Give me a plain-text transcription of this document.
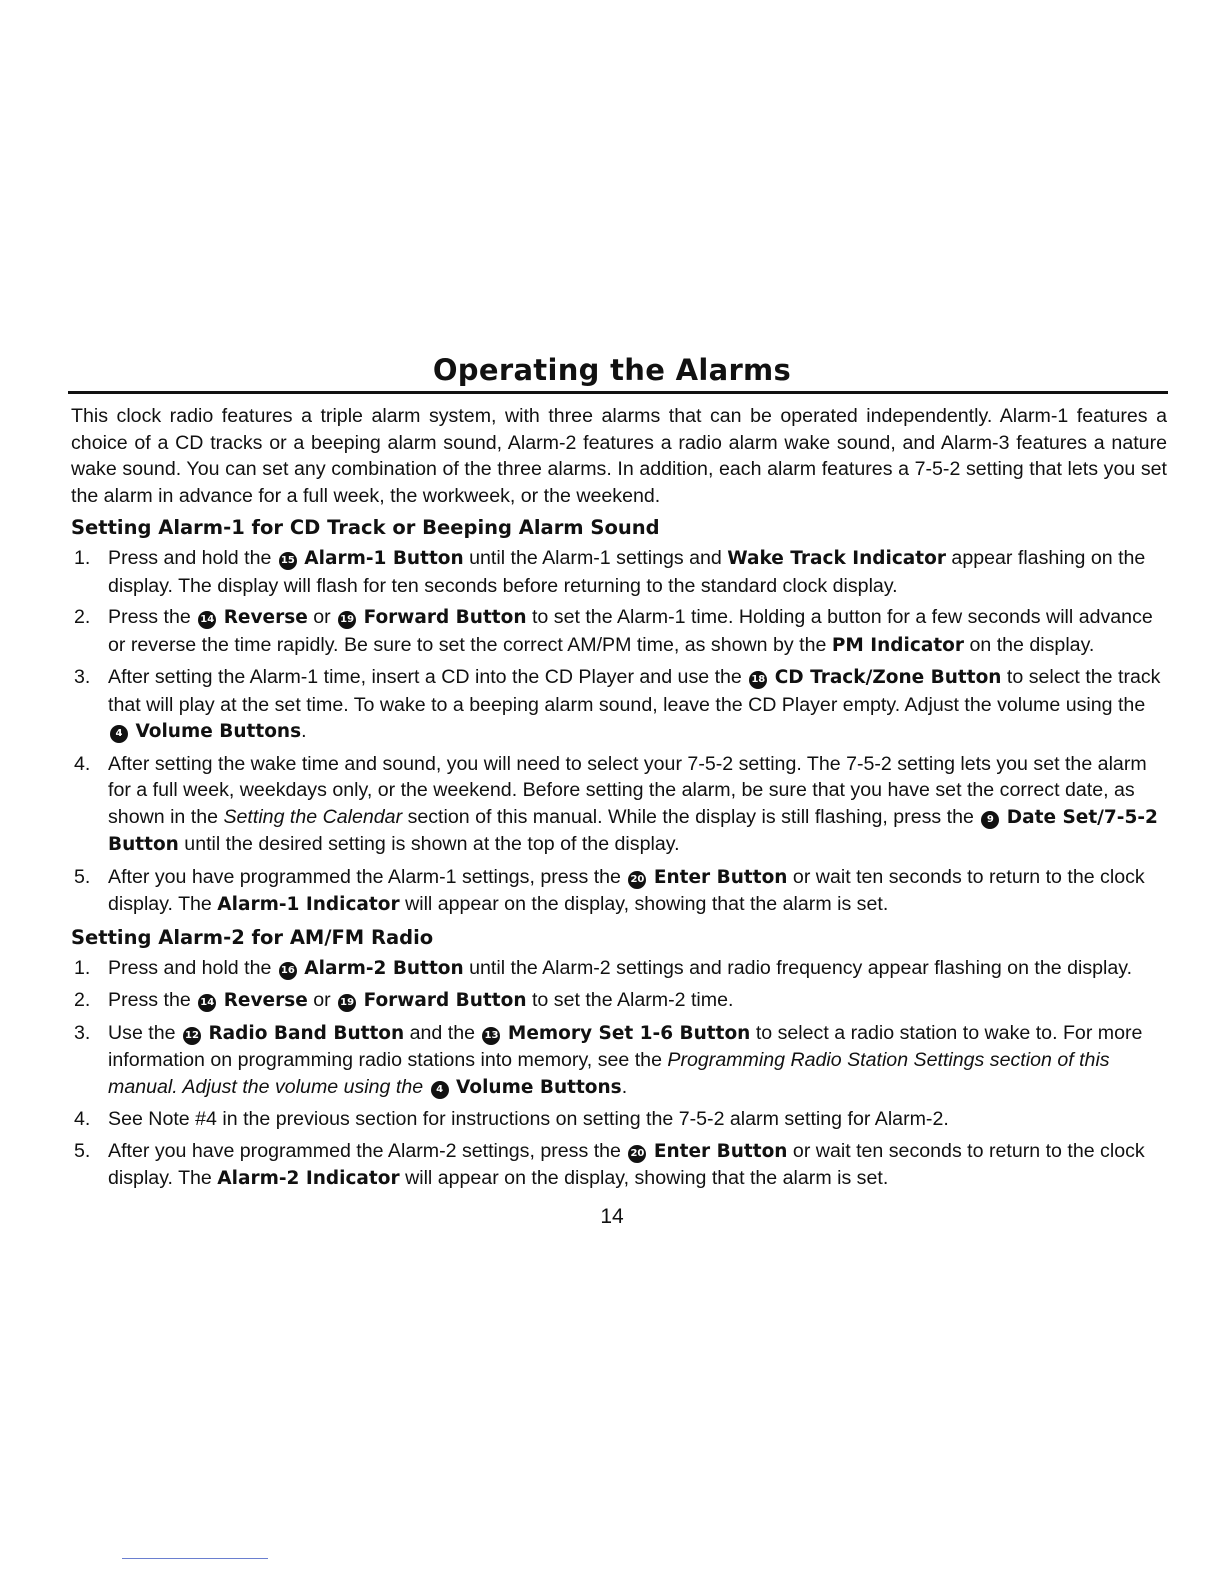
Operating the Alarms

This clock radio features a triple alarm system, with three alarms that can be operated independently. Alarm-1 features a choice of a CD tracks or a beeping alarm sound, Alarm-2 features a radio alarm wake sound, and Alarm-3 features a nature wake sound. You can set any combination of the three alarms. In addition, each alarm features a 7-5-2 setting that lets you set the alarm in advance for a full week, the workweek, or the weekend.

Setting Alarm-1 for CD Track or Beeping Alarm Sound
1. Press and hold the 15 Alarm-1 Button until the Alarm-1 settings and Wake Track Indicator appear flashing on the display. The display will flash for ten seconds before returning to the standard clock display.
2. Press the 14 Reverse or 19 Forward Button to set the Alarm-1 time. Holding a button for a few seconds will advance or reverse the time rapidly. Be sure to set the correct AM/PM time, as shown by the PM Indicator on the display.
3. After setting the Alarm-1 time, insert a CD into the CD Player and use the 18 CD Track/Zone Button to select the track that will play at the set time. To wake to a beeping alarm sound, leave the CD Player empty. Adjust the volume using the 4 Volume Buttons.
4. After setting the wake time and sound, you will need to select your 7-5-2 setting. The 7-5-2 setting lets you set the alarm for a full week, weekdays only, or the weekend. Before setting the alarm, be sure that you have set the correct date, as shown in the Setting the Calendar section of this manual. While the display is still flashing, press the 9 Date Set/7-5-2 Button until the desired setting is shown at the top of the display.
5. After you have programmed the Alarm-1 settings, press the 20 Enter Button or wait ten seconds to return to the clock display. The Alarm-1 Indicator will appear on the display, showing that the alarm is set.
Setting Alarm-2 for AM/FM Radio
1. Press and hold the 16 Alarm-2 Button until the Alarm-2 settings and radio frequency appear flashing on the display.
2. Press the 14 Reverse or 19 Forward Button to set the Alarm-2 time.
3. Use the 12 Radio Band Button and the 13 Memory Set 1-6 Button to select a radio station to wake to. For more information on programming radio stations into memory, see the Programming Radio Station Settings section of this manual. Adjust the volume using the 4 Volume Buttons.
4. See Note #4 in the previous section for instructions on setting the 7-5-2 alarm setting for Alarm-2.
5. After you have programmed the Alarm-2 settings, press the 20 Enter Button or wait ten seconds to return to the clock display. The Alarm-2 Indicator will appear on the display, showing that the alarm is set.
14
